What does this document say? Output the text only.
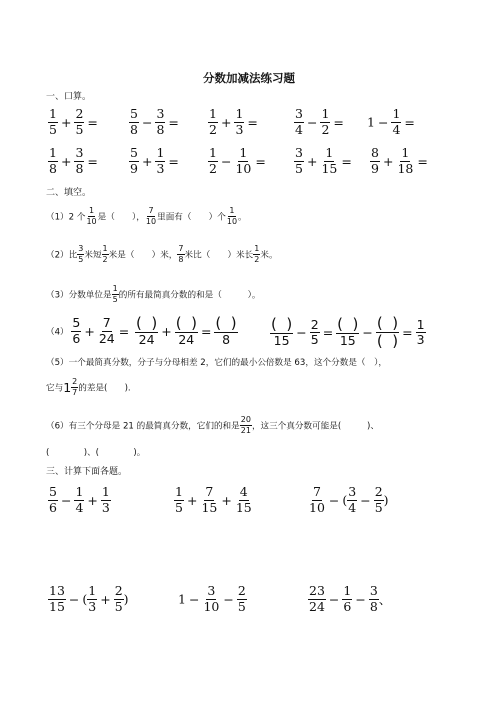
分数加减法练习题
一、口算。
$\frac{1}{5} + \frac{2}{5} = \frac{5}{8} - \frac{3}{8} = \frac{1}{2} + \frac{1}{3}$ =	$\frac{3}{4} - \frac{1}{2} = 1 - \frac{1}{4}$ =
$\frac{1}{8} + \frac{3}{8} = \frac{5}{9} + \frac{1}{3} = \frac{1}{2} - \frac{1}{10} = \frac{3}{5} + \frac{1}{15} = \frac{8}{9} + \frac{1}{18}$ =
二、填空。
（1）2 个 $\frac{1}{10}$ 是（　　）， $\frac{7}{10}$ 里面有（　　）个 $\frac{1}{10}$ 。
（2）比 $\frac{3}{5}$ 米短 $\frac{1}{2}$ 米是（　　）米， $\frac{7}{8}$ 米比（　　）米长 $\frac{1}{2}$ 米。
（3）分数单位是 $\frac{1}{5}$ 的所有最简真分数的和是（　　　）。
$(4) \frac{5}{6} + \frac{7}{24}$ = (  )
24
+ (  )
24
= (  )
8
(  )
15
− $\frac{2}{5}$ = (  )
15
−
(  )
(  ) = $\frac{1}{3}$
（5）一个最简真分数，分子与分母相差 2，它们的最小公倍数是 63，这个分数是（　），
它与$1 \frac{2}{7}$ 的差是(　　).
（6）有三个分母是 21 的最简真分数，它们的和是 $\frac{20}{21}$ ，这三个真分数可能是(　　　)、
(　　　　)、(　　　　)。
三、计算下面各题。
$\frac{5}{6} - \frac{1}{4} + \frac{1}{3}$	$\frac{1}{5} + \frac{7}{15} + \frac{4}{15}$	$\frac{7}{10}$ − ( $\frac{3}{4} - \frac{2}{5}$ )
$\frac{13}{15}$ − ( $\frac{1}{3} + \frac{2}{5}$ )	$1 - \frac{3}{10} - \frac{2}{5}$	$\frac{23}{24} - \frac{1}{6} - \frac{3}{8}$ 、
